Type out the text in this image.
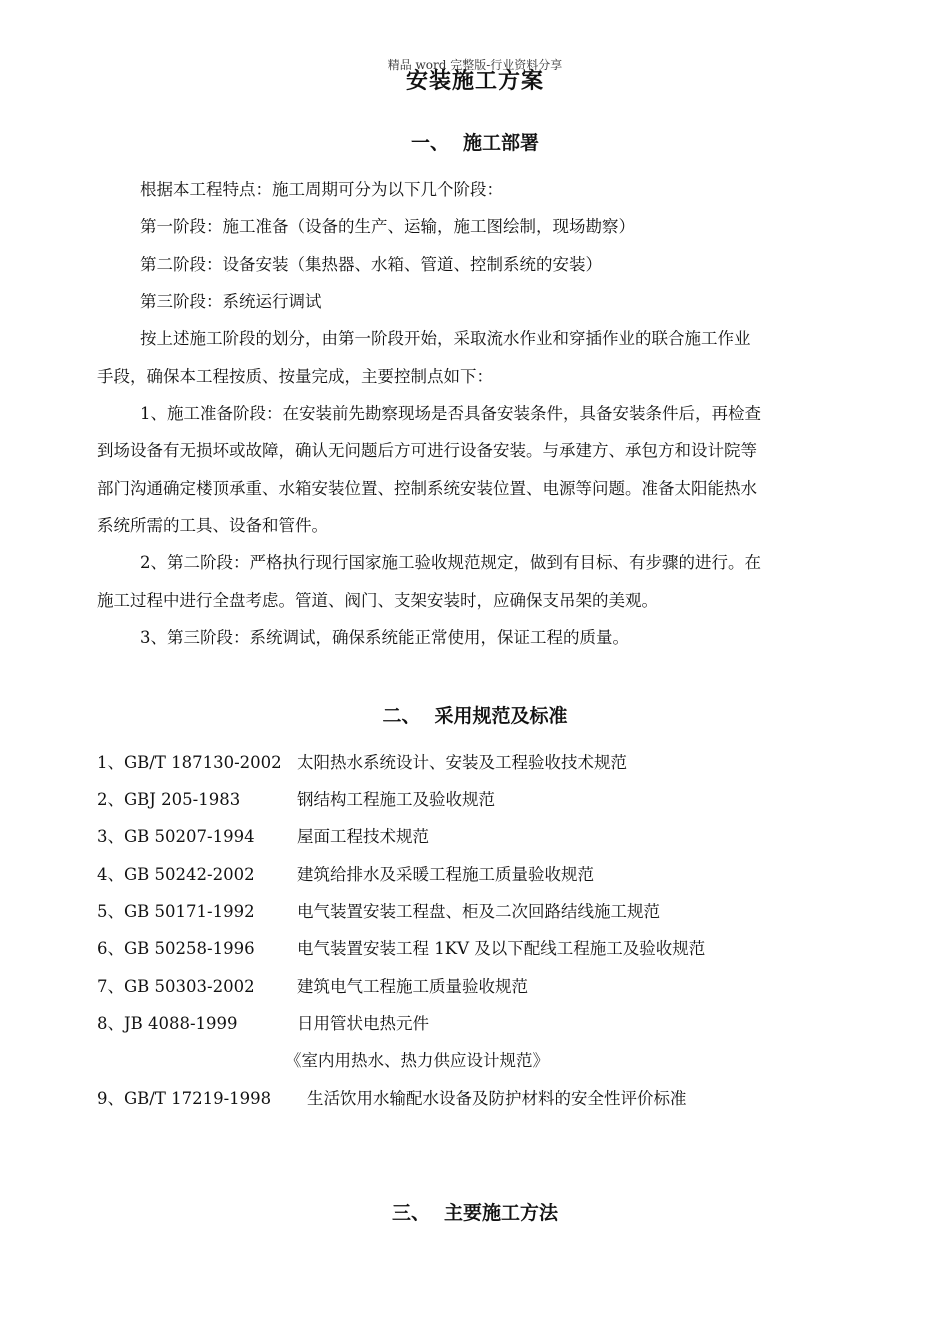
精品 word 完整版-行业资料分享
安装施工方案
一、 施工部署
根据本工程特点：施工周期可分为以下几个阶段：
第一阶段：施工准备（设备的生产、运输，施工图绘制，现场勘察）
第二阶段：设备安装（集热器、水箱、管道、控制系统的安装）
第三阶段：系统运行调试
按上述施工阶段的划分，由第一阶段开始，采取流水作业和穿插作业的联合施工作业
手段，确保本工程按质、按量完成，主要控制点如下：
1、施工准备阶段：在安装前先勘察现场是否具备安装条件，具备安装条件后，再检查
到场设备有无损坏或故障，确认无问题后方可进行设备安装。与承建方、承包方和设计院等
部门沟通确定楼顶承重、水箱安装位置、控制系统安装位置、电源等问题。准备太阳能热水
系统所需的工具、设备和管件。
2、第二阶段：严格执行现行国家施工验收规范规定，做到有目标、有步骤的进行。在
施工过程中进行全盘考虑。管道、阀门、支架安装时，应确保支吊架的美观。
3、第三阶段：系统调试，确保系统能正常使用，保证工程的质量。
二、 采用规范及标准
1、GB/T 187130-2002 太阳热水系统设计、安装及工程验收技术规范
2、GBJ 205-1983	钢结构工程施工及验收规范
3、GB 50207-1994	屋面工程技术规范
4、GB 50242-2002	建筑给排水及采暖工程施工质量验收规范
5、GB 50171-1992	电气装置安装工程盘、柜及二次回路结线施工规范
6、GB 50258-1996	电气装置安装工程 1KV 及以下配线工程施工及验收规范
7、GB 50303-2002	建筑电气工程施工质量验收规范
8、JB 4088-1999	日用管状电热元件
《室内用热水、热力供应设计规范》
9、GB/T 17219-1998 生活饮用水输配水设备及防护材料的安全性评价标准
三、 主要施工方法
